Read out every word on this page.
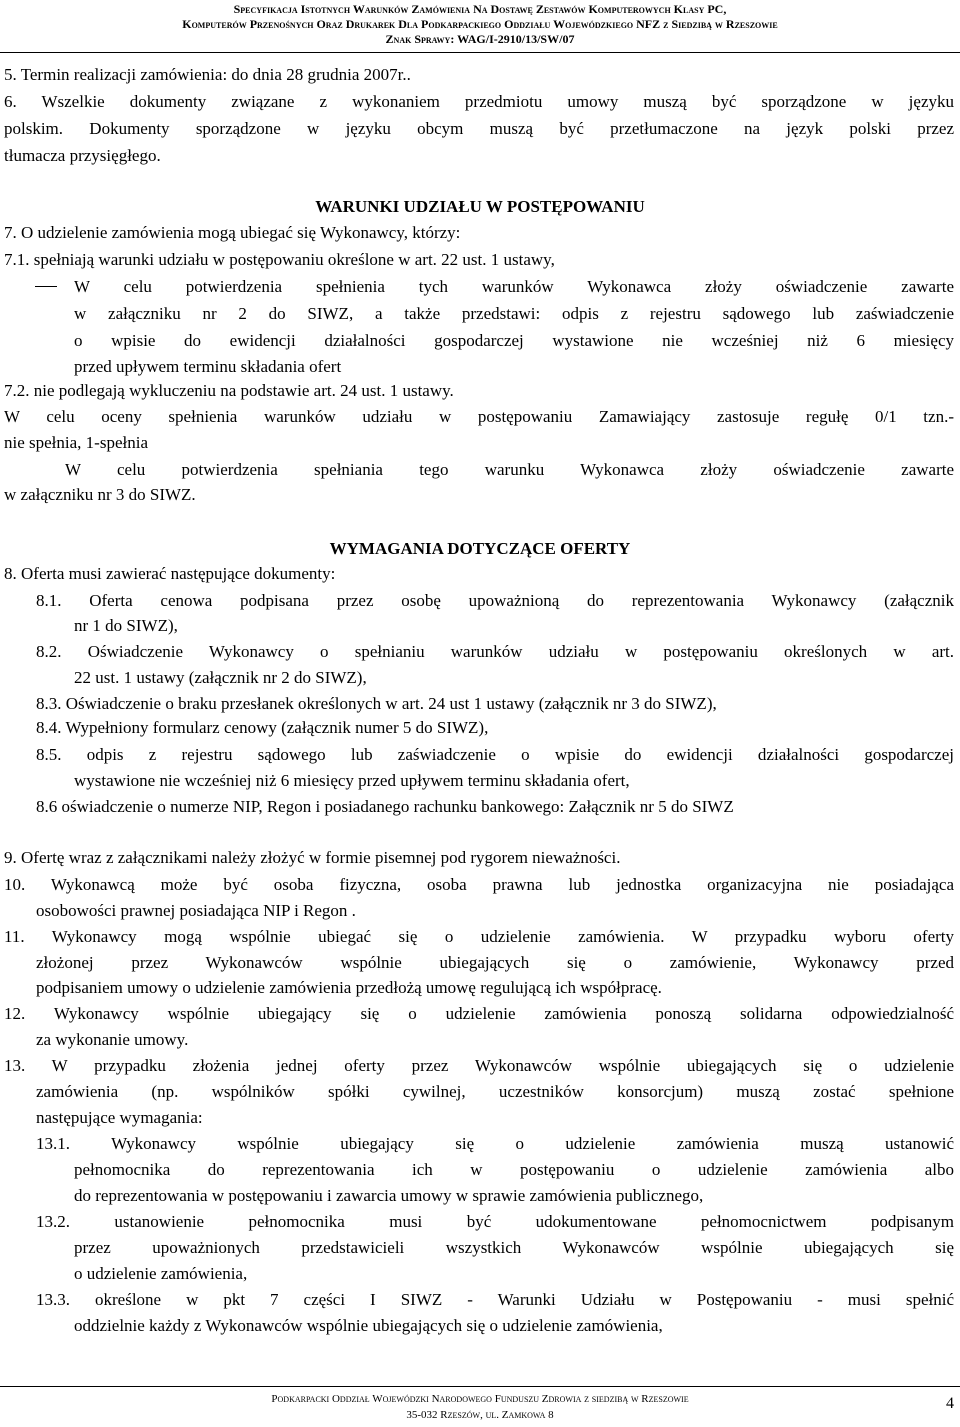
Specyfikacja Istotnych Warunków Zamówienia Na Dostawę Zestawów Komputerowych Klasy PC,
Komputerów Przenośnych Oraz Drukarek Dla Podkarpackiego Oddziału Wojewódzkiego NFZ z Siedzibą w Rzeszowie
Znak Sprawy: WAG/I-2910/13/SW/07
5. Termin realizacji zamówienia: do dnia 28 grudnia 2007r..
6. Wszelkie dokumenty związane z wykonaniem przedmiotu umowy muszą być sporządzone w języku
polskim. Dokumenty sporządzone w języku obcym muszą być przetłumaczone na język polski przez
tłumacza przysięgłego.
WARUNKI UDZIAŁU W POSTĘPOWANIU
7. O udzielenie zamówienia mogą ubiegać się Wykonawcy, którzy:
7.1. spełniają warunki udziału w postępowaniu określone w art. 22 ust. 1 ustawy,
W celu potwierdzenia spełnienia tych warunków Wykonawca złoży oświadczenie zawarte
w załączniku nr 2 do SIWZ, a także przedstawi: odpis z rejestru sądowego lub zaświadczenie
o wpisie do ewidencji działalności gospodarczej wystawione nie wcześniej niż 6 miesięcy
przed upływem terminu składania ofert
7.2. nie podlegają wykluczeniu na podstawie art. 24 ust. 1 ustawy.
W celu oceny spełnienia warunków udziału w postępowaniu Zamawiający zastosuje regułę 0/1 tzn.-
nie spełnia, 1-spełnia
W celu potwierdzenia spełniania tego warunku Wykonawca złoży oświadczenie zawarte
w załączniku nr 3 do SIWZ.
WYMAGANIA DOTYCZĄCE OFERTY
8. Oferta musi zawierać następujące dokumenty:
8.1. Oferta cenowa podpisana przez osobę upoważnioną do reprezentowania Wykonawcy (załącznik
nr 1 do SIWZ),
8.2. Oświadczenie Wykonawcy o spełnianiu warunków udziału w postępowaniu określonych w art.
22 ust. 1 ustawy (załącznik nr 2 do SIWZ),
8.3. Oświadczenie o braku przesłanek określonych w art. 24 ust 1 ustawy (załącznik nr 3 do SIWZ),
8.4. Wypełniony formularz cenowy (załącznik numer 5 do SIWZ),
8.5. odpis z rejestru sądowego lub zaświadczenie o wpisie do ewidencji działalności gospodarczej
wystawione nie wcześniej niż 6 miesięcy przed upływem terminu składania ofert,
8.6 oświadczenie o numerze NIP, Regon i posiadanego rachunku bankowego: Załącznik nr 5 do SIWZ
9. Ofertę wraz z załącznikami należy złożyć w formie pisemnej pod rygorem nieważności.
10. Wykonawcą może być osoba fizyczna, osoba prawna lub jednostka organizacyjna nie posiadająca
osobowości prawnej posiadająca NIP i Regon .
11. Wykonawcy mogą wspólnie ubiegać się o udzielenie zamówienia. W przypadku wyboru oferty
złożonej przez Wykonawców wspólnie ubiegających się o zamówienie, Wykonawcy przed
podpisaniem umowy o udzielenie zamówienia przedłożą umowę regulującą ich współpracę.
12. Wykonawcy wspólnie ubiegający się o udzielenie zamówienia ponoszą solidarna odpowiedzialność
za wykonanie umowy.
13. W przypadku złożenia jednej oferty przez Wykonawców wspólnie ubiegających się o udzielenie
zamówienia (np. wspólników spółki cywilnej, uczestników konsorcjum) muszą zostać spełnione
następujące wymagania:
13.1. Wykonawcy wspólnie ubiegający się o udzielenie zamówienia muszą ustanowić
pełnomocnika do reprezentowania ich w postępowaniu o udzielenie zamówienia albo
do reprezentowania w postępowaniu i zawarcia umowy w sprawie zamówienia publicznego,
13.2. ustanowienie pełnomocnika musi być udokumentowane pełnomocnictwem podpisanym
przez upoważnionych przedstawicieli wszystkich Wykonawców wspólnie ubiegających się
o udzielenie zamówienia,
13.3. określone w pkt 7 części I SIWZ - Warunki Udziału w Postępowaniu - musi spełnić
oddzielnie każdy z Wykonawców wspólnie ubiegających się o udzielenie zamówienia,
Podkarpacki Oddział Wojewódzki Narodowego Funduszu Zdrowia z siedzibą w Rzeszowie
35-032 Rzeszów, ul. Zamkowa 8
4
